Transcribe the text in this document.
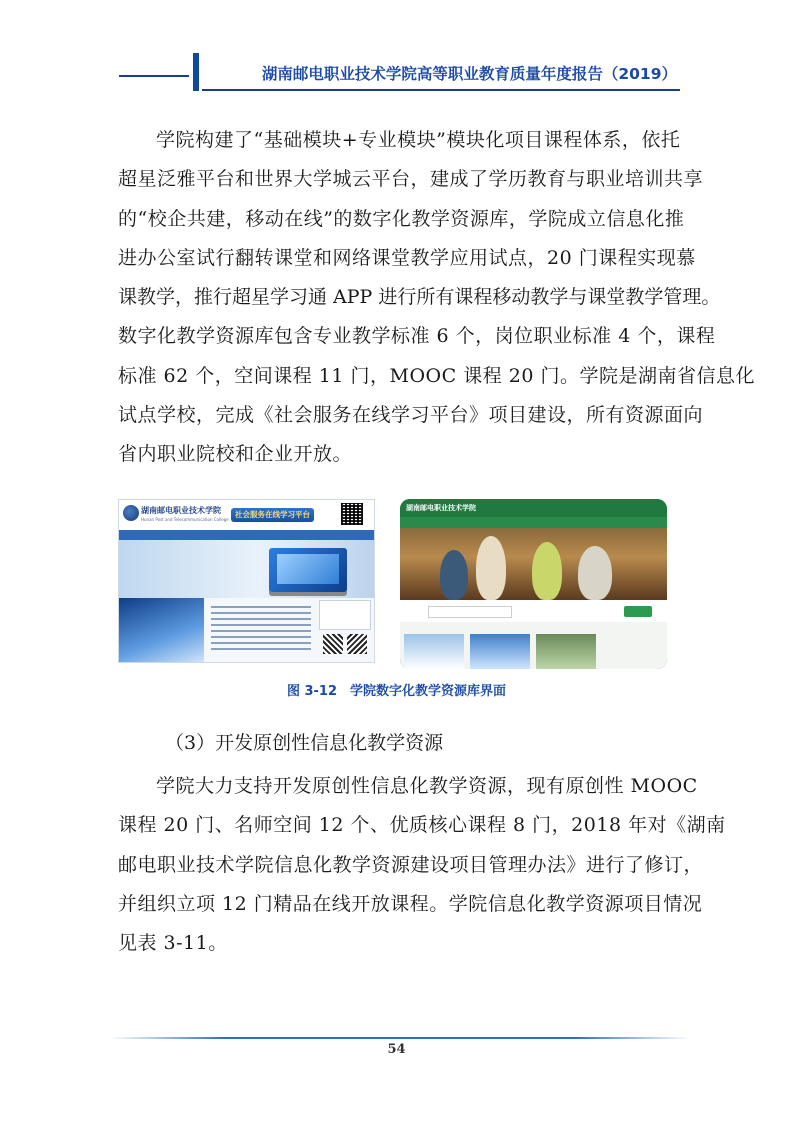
湖南邮电职业技术学院高等职业教育质量年度报告（2019）
学院构建了“基础模块+专业模块”模块化项目课程体系，依托
超星泛雅平台和世界大学城云平台，建成了学历教育与职业培训共享
的“校企共建，移动在线”的数字化教学资源库，学院成立信息化推
进办公室试行翻转课堂和网络课堂教学应用试点，20 门课程实现慕
课教学，推行超星学习通 APP 进行所有课程移动教学与课堂教学管理。
数字化教学资源库包含专业教学标准 6 个，岗位职业标准 4 个，课程
标准 62 个，空间课程 11 门，MOOC 课程 20 门。学院是湖南省信息化
试点学校，完成《社会服务在线学习平台》项目建设，所有资源面向
省内职业院校和企业开放。
湖南邮电职业技术学院
Hunan Post and Telecommunication College
社会服务在线学习平台
湖南邮电职业技术学院
图 3-12　学院数字化教学资源库界面
（3）开发原创性信息化教学资源
学院大力支持开发原创性信息化教学资源，现有原创性 MOOC
课程 20 门、名师空间 12 个、优质核心课程 8 门，2018 年对《湖南
邮电职业技术学院信息化教学资源建设项目管理办法》进行了修订，
并组织立项 12 门精品在线开放课程。学院信息化教学资源项目情况
见表 3-11。
54
